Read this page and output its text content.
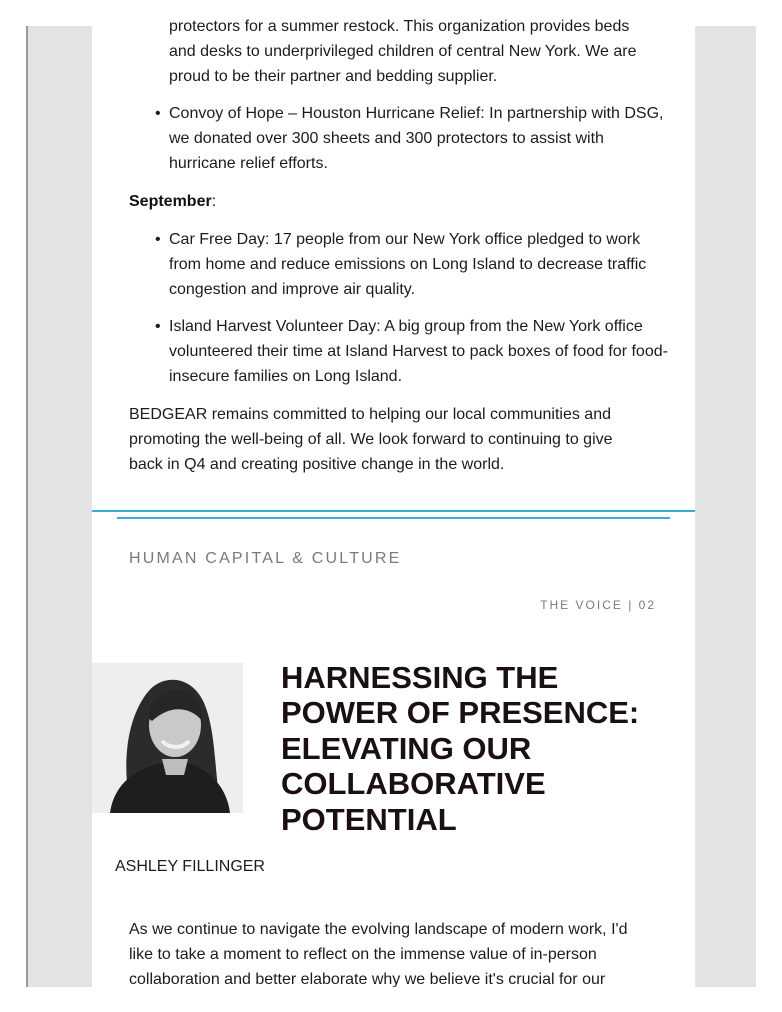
protectors for a summer restock. This organization provides beds
and desks to underprivileged children of central New York. We are
proud to be their partner and bedding supplier.
• Convoy of Hope – Houston Hurricane Relief: In partnership with DSG, we donated over 300 sheets and 300 protectors to assist with hurricane relief efforts.
September:
• Car Free Day: 17 people from our New York office pledged to work from home and reduce emissions on Long Island to decrease traffic congestion and improve air quality.
• Island Harvest Volunteer Day: A big group from the New York office volunteered their time at Island Harvest to pack boxes of food for food-insecure families on Long Island.
BEDGEAR remains committed to helping our local communities and promoting the well-being of all. We look forward to continuing to give back in Q4 and creating positive change in the world.
HUMAN CAPITAL & CULTURE
THE VOICE | 02
HARNESSING THE POWER OF PRESENCE: ELEVATING OUR COLLABORATIVE POTENTIAL
ASHLEY FILLINGER
As we continue to navigate the evolving landscape of modern work, I'd like to take a moment to reflect on the immense value of in-person collaboration and better elaborate why we believe it's crucial for our
